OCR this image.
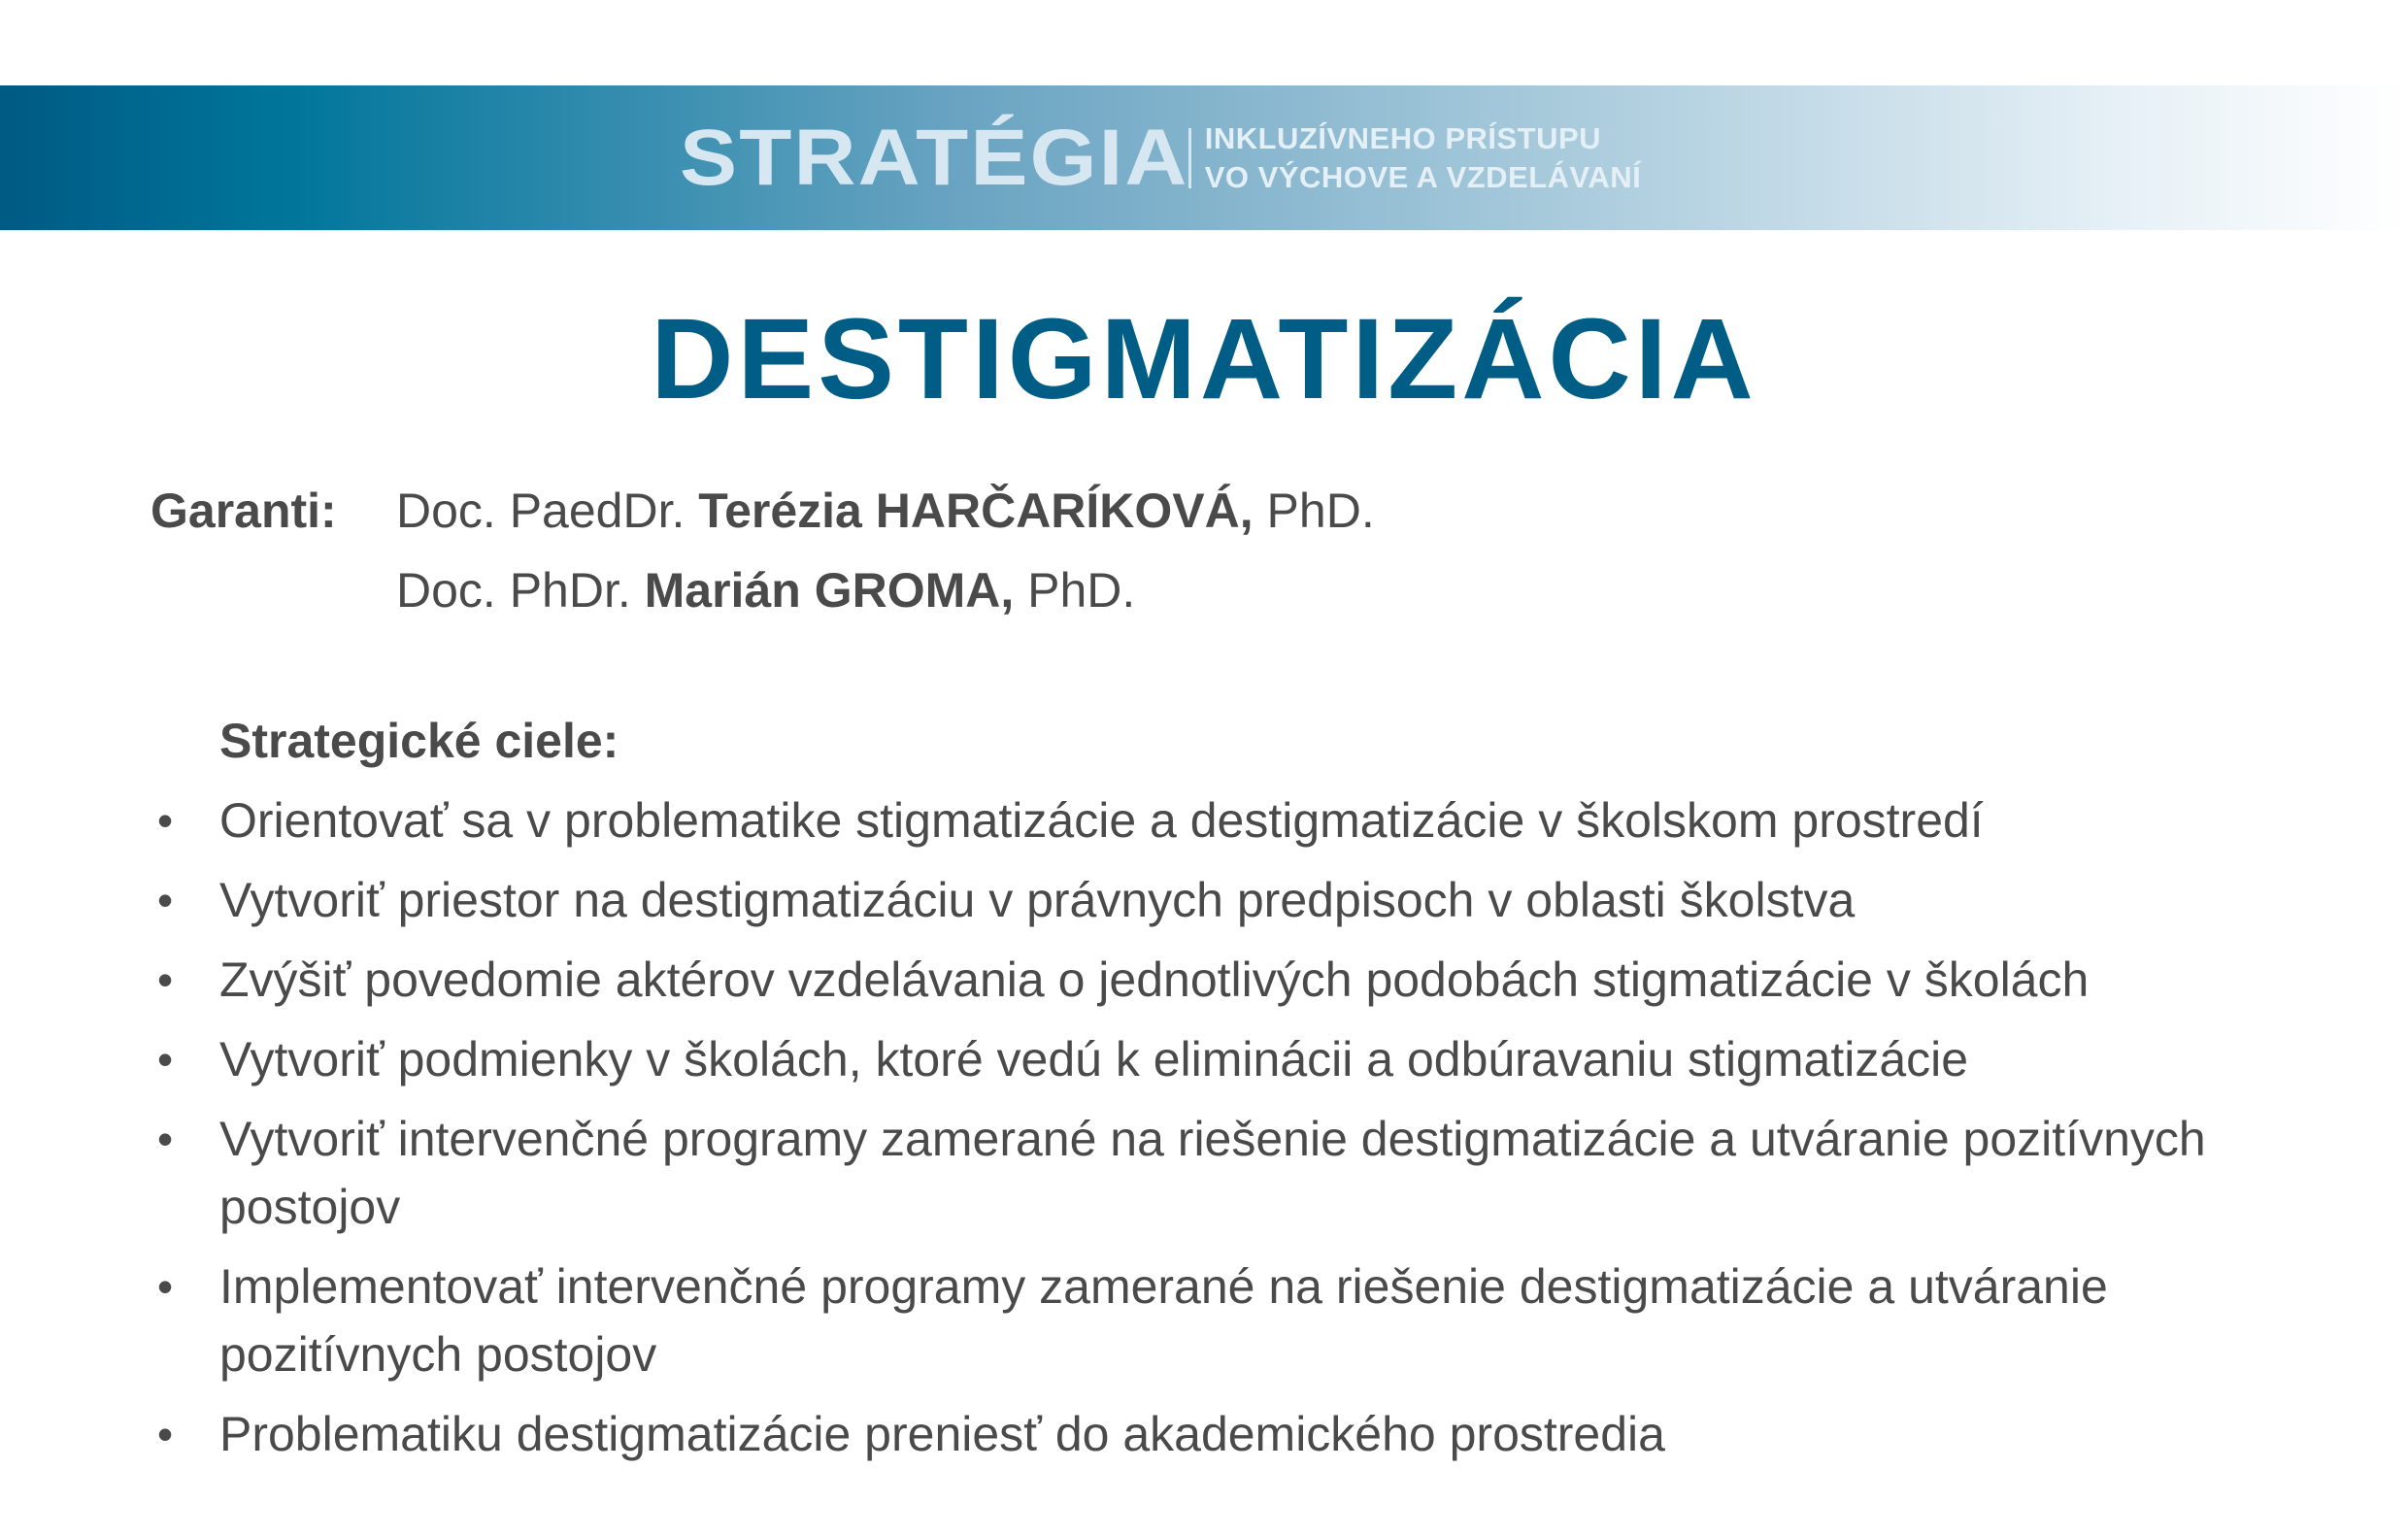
STRATÉGIA INKLUZÍVNEHO PRÍSTUPU
VO VÝCHOVE A VZDELÁVANÍ
DESTIGMATIZÁCIA
Garanti: Doc. PaedDr. Terézia HARČARÍKOVÁ, PhD.
Doc. PhDr. Marián GROMA, PhD.
Strategické ciele:
• Orientovať sa v problematike stigmatizácie a destigmatizácie v školskom prostredí
• Vytvoriť priestor na destigmatizáciu v právnych predpisoch v oblasti školstva
• Zvýšiť povedomie aktérov vzdelávania o jednotlivých podobách stigmatizácie v školách
• Vytvoriť podmienky v školách, ktoré vedú k eliminácii a odbúravaniu stigmatizácie
• Vytvoriť intervenčné programy zamerané na riešenie destigmatizácie a utváranie pozitívnych postojov
• Implementovať intervenčné programy zamerané na riešenie destigmatizácie a utváranie pozitívnych postojov
• Problematiku destigmatizácie preniesť do akademického prostredia
